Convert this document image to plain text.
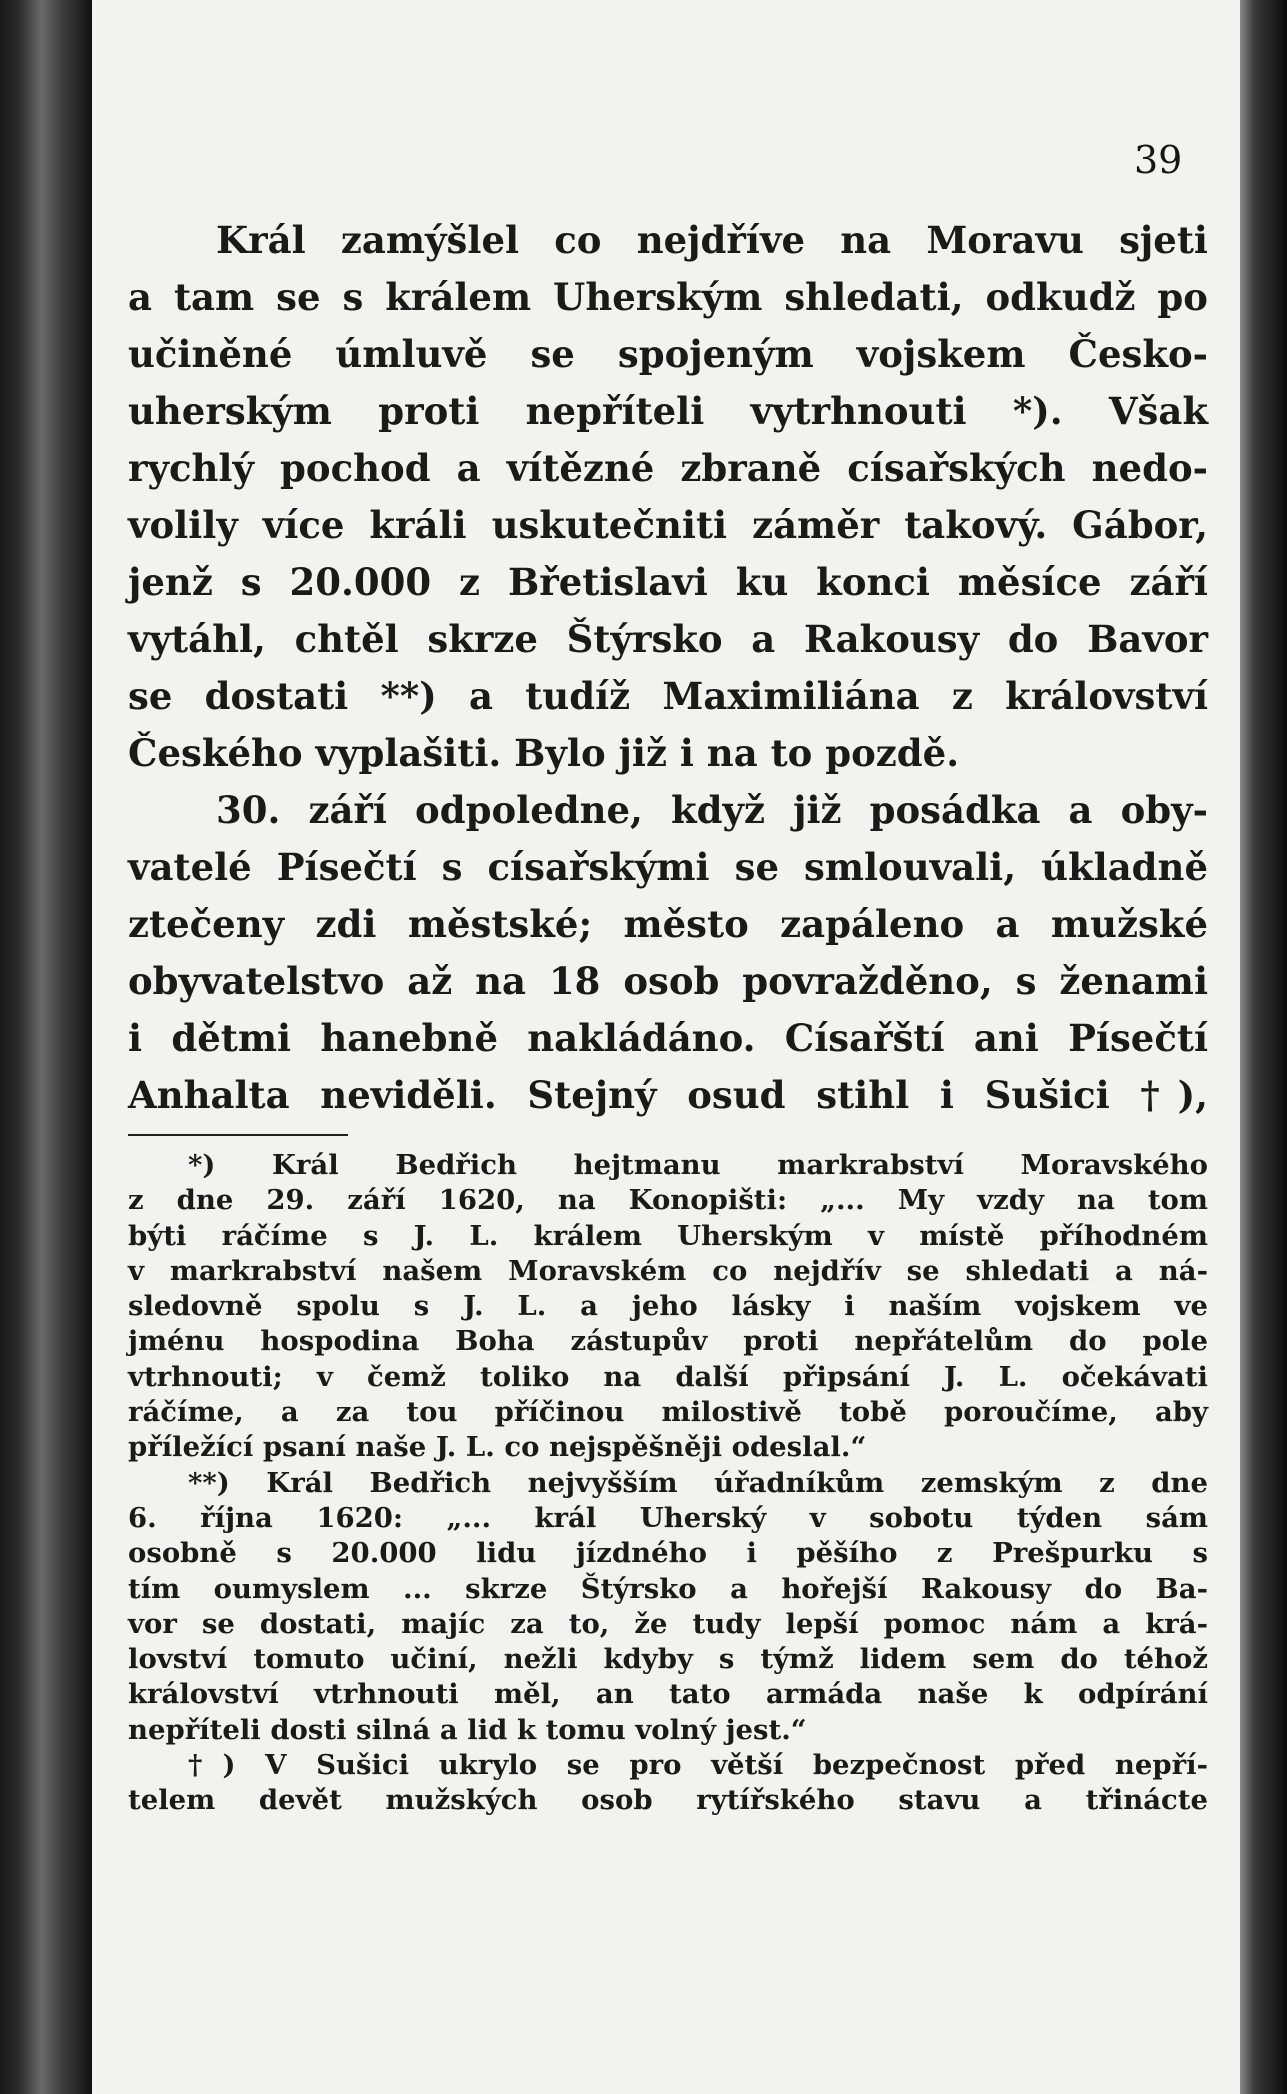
39
Král zamýšlel co nejdříve na Moravu sjeti
a tam se s králem Uherským shledati, odkudž po
učiněné úmluvě se spojeným vojskem Česko-
uherským proti nepříteli vytrhnouti *). Však
rychlý pochod a vítězné zbraně císařských nedo-
volily více králi uskutečniti záměr takový. Gábor,
jenž s 20.000 z Břetislavi ku konci měsíce září
vytáhl, chtěl skrze Štýrsko a Rakousy do Bavor
se dostati **) a tudíž Maximiliána z království
Českého vyplašiti. Bylo již i na to pozdě.
30. září odpoledne, když již posádka a oby-
vatelé Písečtí s císařskými se smlouvali, úkladně
ztečeny zdi městské; město zapáleno a mužské
obyvatelstvo až na 18 osob povražděno, s ženami
i dětmi hanebně nakládáno. Císařští ani Písečtí
Anhalta neviděli. Stejný osud stihl i Sušici †),
*) Král Bedřich hejtmanu markrabství Moravského
z dne 29. září 1620, na Konopišti: „... My vzdy na tom
býti ráčíme s J. L. králem Uherským v místě příhodném
v markrabství našem Moravském co nejdřív se shledati a ná-
sledovně spolu s J. L. a jeho lásky i naším vojskem ve
jménu hospodina Boha zástupův proti nepřátelům do pole
vtrhnouti; v čemž toliko na další připsání J. L. očekávati
ráčíme, a za tou příčinou milostivě tobě poroučíme, aby
příležící psaní naše J. L. co nejspěšněji odeslal.“
**) Král Bedřich nejvyšším úřadníkům zemským z dne
6. října 1620: „... král Uherský v sobotu týden sám
osobně s 20.000 lidu jízdného i pěšího z Prešpurku s
tím oumyslem ... skrze Štýrsko a hořejší Rakousy do Ba-
vor se dostati, majíc za to, že tudy lepší pomoc nám a krá-
lovství tomuto učiní, nežli kdyby s týmž lidem sem do téhož
království vtrhnouti měl, an tato armáda naše k odpírání
nepříteli dosti silná a lid k tomu volný jest.“
†) V Sušici ukrylo se pro větší bezpečnost před nepří-
telem devět mužských osob rytířského stavu a třinácte
